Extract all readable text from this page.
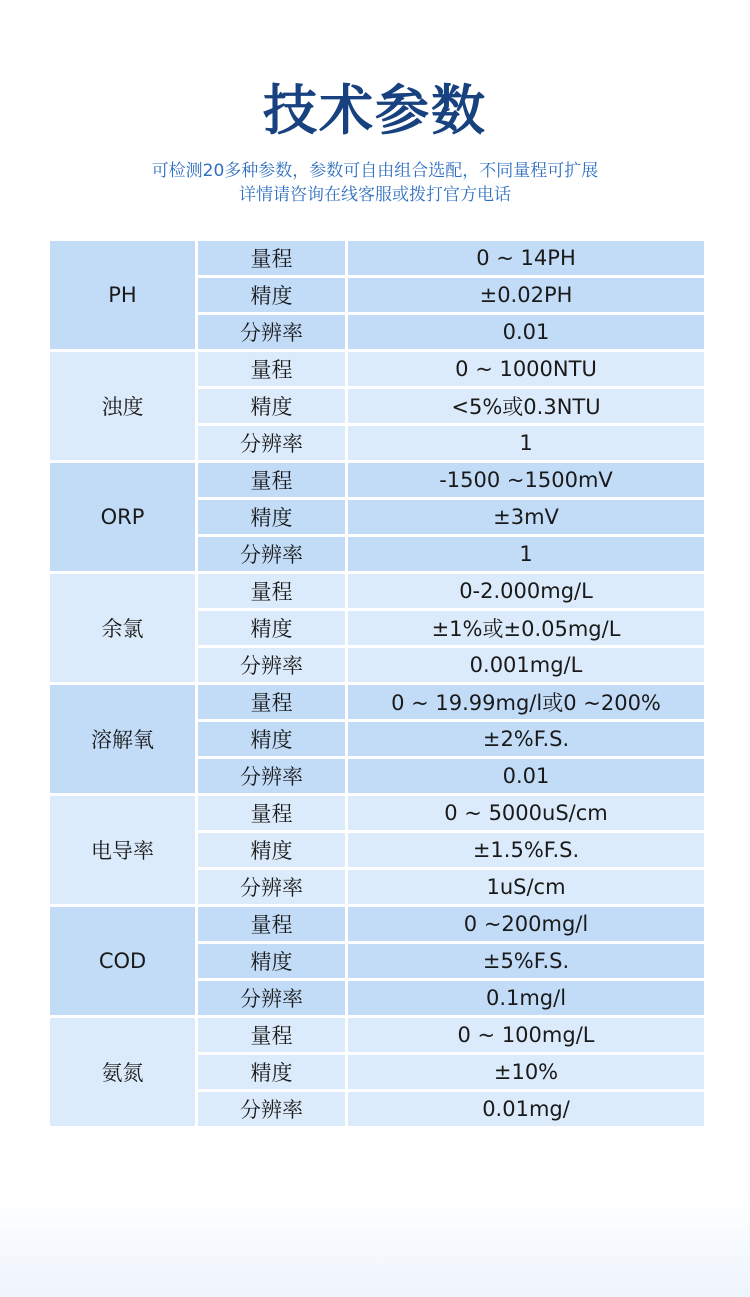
技术参数
可检测20多种参数，参数可自由组合选配，不同量程可扩展
详情请咨询在线客服或拨打官方电话
PH	量程	0 ~ 14PH
	精度	±0.02PH
	分辨率	0.01
浊度	量程	0 ~ 1000NTU
	精度	<5%或0.3NTU
	分辨率	1
ORP	量程	-1500 ~1500mV
	精度	±3mV
	分辨率	1
余氯	量程	0-2.000mg/L
	精度	±1%或±0.05mg/L
	分辨率	0.001mg/L
溶解氧	量程	0 ~ 19.99mg/l或0 ~200%
	精度	±2%F.S.
	分辨率	0.01
电导率	量程	0 ~ 5000uS/cm
	精度	±1.5%F.S.
	分辨率	1uS/cm
COD	量程	0 ~200mg/l
	精度	±5%F.S.
	分辨率	0.1mg/l
氨氮	量程	0 ~ 100mg/L
	精度	±10%
	分辨率	0.01mg/
